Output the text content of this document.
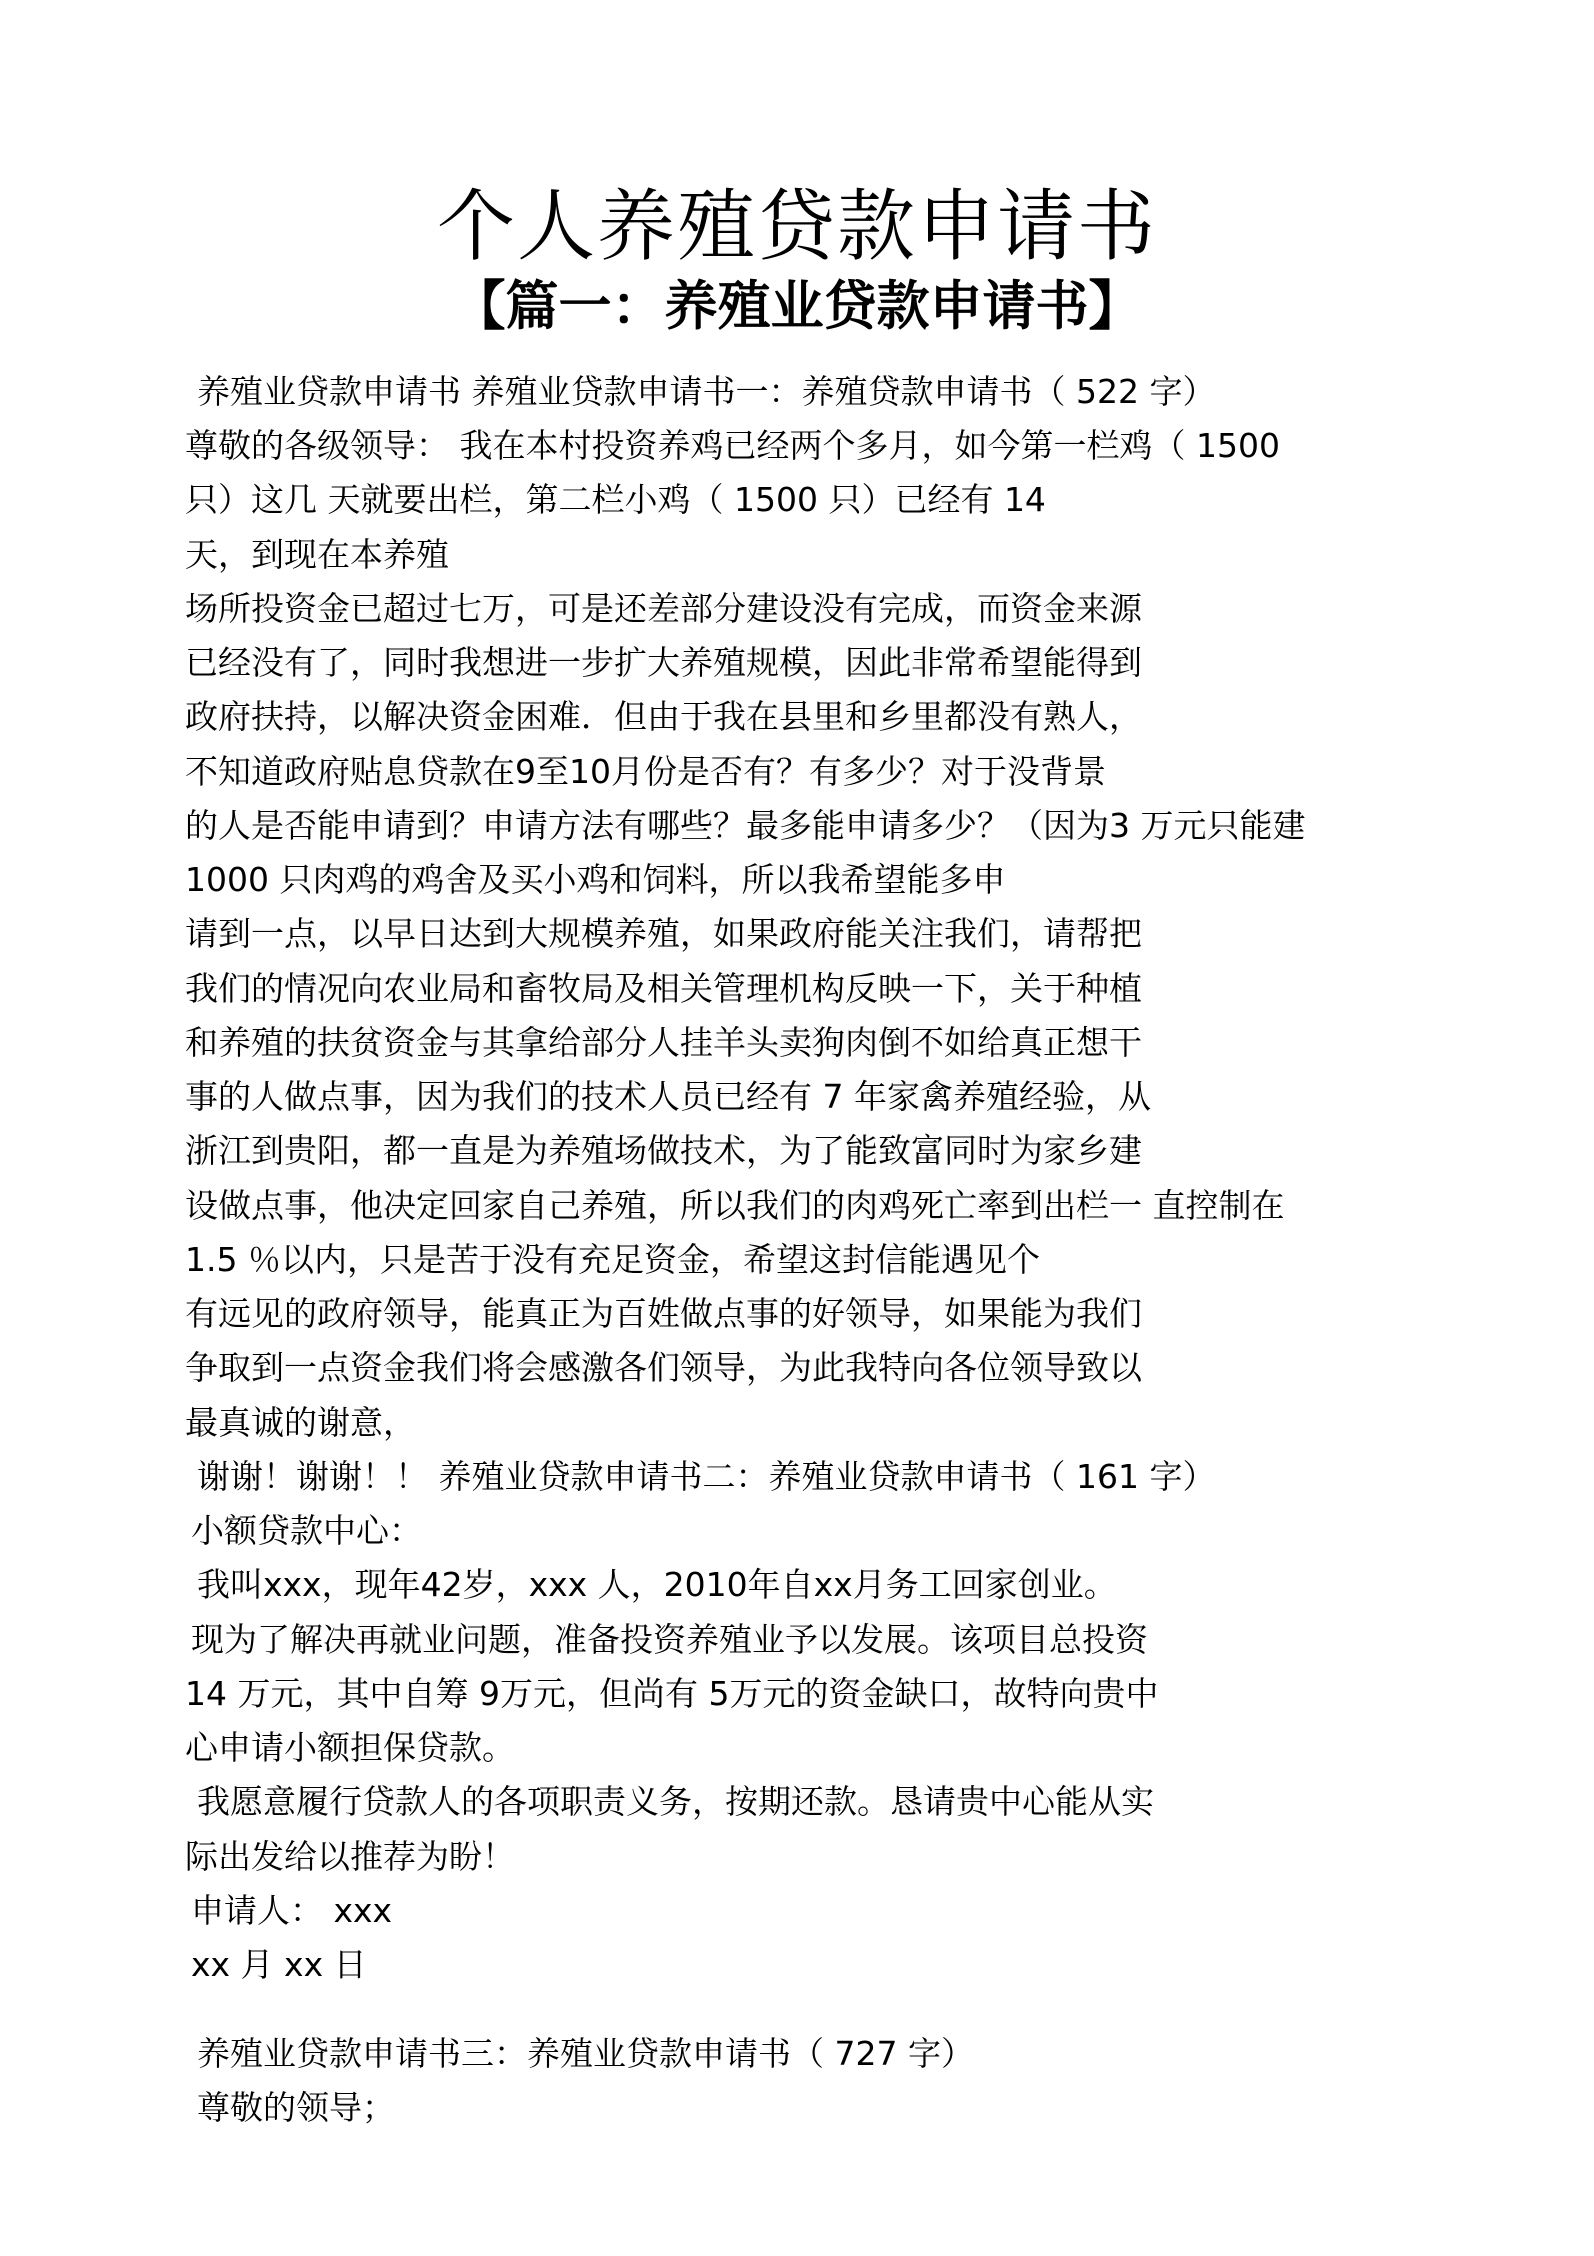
个人养殖贷款申请书
【篇一：养殖业贷款申请书】
养殖业贷款申请书 养殖业贷款申请书一：养殖贷款申请书（ 522 字）
尊敬的各级领导： 我在本村投资养鸡已经两个多月，如今第一栏鸡（ 1500
只）这几 天就要出栏，第二栏小鸡（ 1500 只）已经有 14
天，到现在本养殖
场所投资金已超过七万，可是还差部分建设没有完成，而资金来源
已经没有了，同时我想进一步扩大养殖规模，因此非常希望能得到
政府扶持，以解决资金困难．但由于我在县里和乡里都没有熟人，
不知道政府贴息贷款在9至10月份是否有？有多少？对于没背景
的人是否能申请到？申请方法有哪些？最多能申请多少？（因为3 万元只能建
1000 只肉鸡的鸡舍及买小鸡和饲料，所以我希望能多申
请到一点，以早日达到大规模养殖，如果政府能关注我们，请帮把
我们的情况向农业局和畜牧局及相关管理机构反映一下，关于种植
和养殖的扶贫资金与其拿给部分人挂羊头卖狗肉倒不如给真正想干
事的人做点事，因为我们的技术人员已经有 7 年家禽养殖经验，从
浙江到贵阳，都一直是为养殖场做技术，为了能致富同时为家乡建
设做点事，他决定回家自己养殖，所以我们的肉鸡死亡率到出栏一 直控制在
1.5 ％以内，只是苦于没有充足资金，希望这封信能遇见个
有远见的政府领导，能真正为百姓做点事的好领导，如果能为我们
争取到一点资金我们将会感激各们领导，为此我特向各位领导致以
最真诚的谢意，
谢谢！谢谢！！ 养殖业贷款申请书二：养殖业贷款申请书（ 161 字）
小额贷款中心：
我叫xxx，现年42岁，xxx 人，2010年自xx月务工回家创业。
现为了解决再就业问题，准备投资养殖业予以发展。该项目总投资
14 万元，其中自筹 9万元，但尚有 5万元的资金缺口，故特向贵中
心申请小额担保贷款。
我愿意履行贷款人的各项职责义务，按期还款。恳请贵中心能从实
际出发给以推荐为盼！
申请人： xxx
xx 月 xx 日
养殖业贷款申请书三：养殖业贷款申请书（ 727 字）
尊敬的领导；
